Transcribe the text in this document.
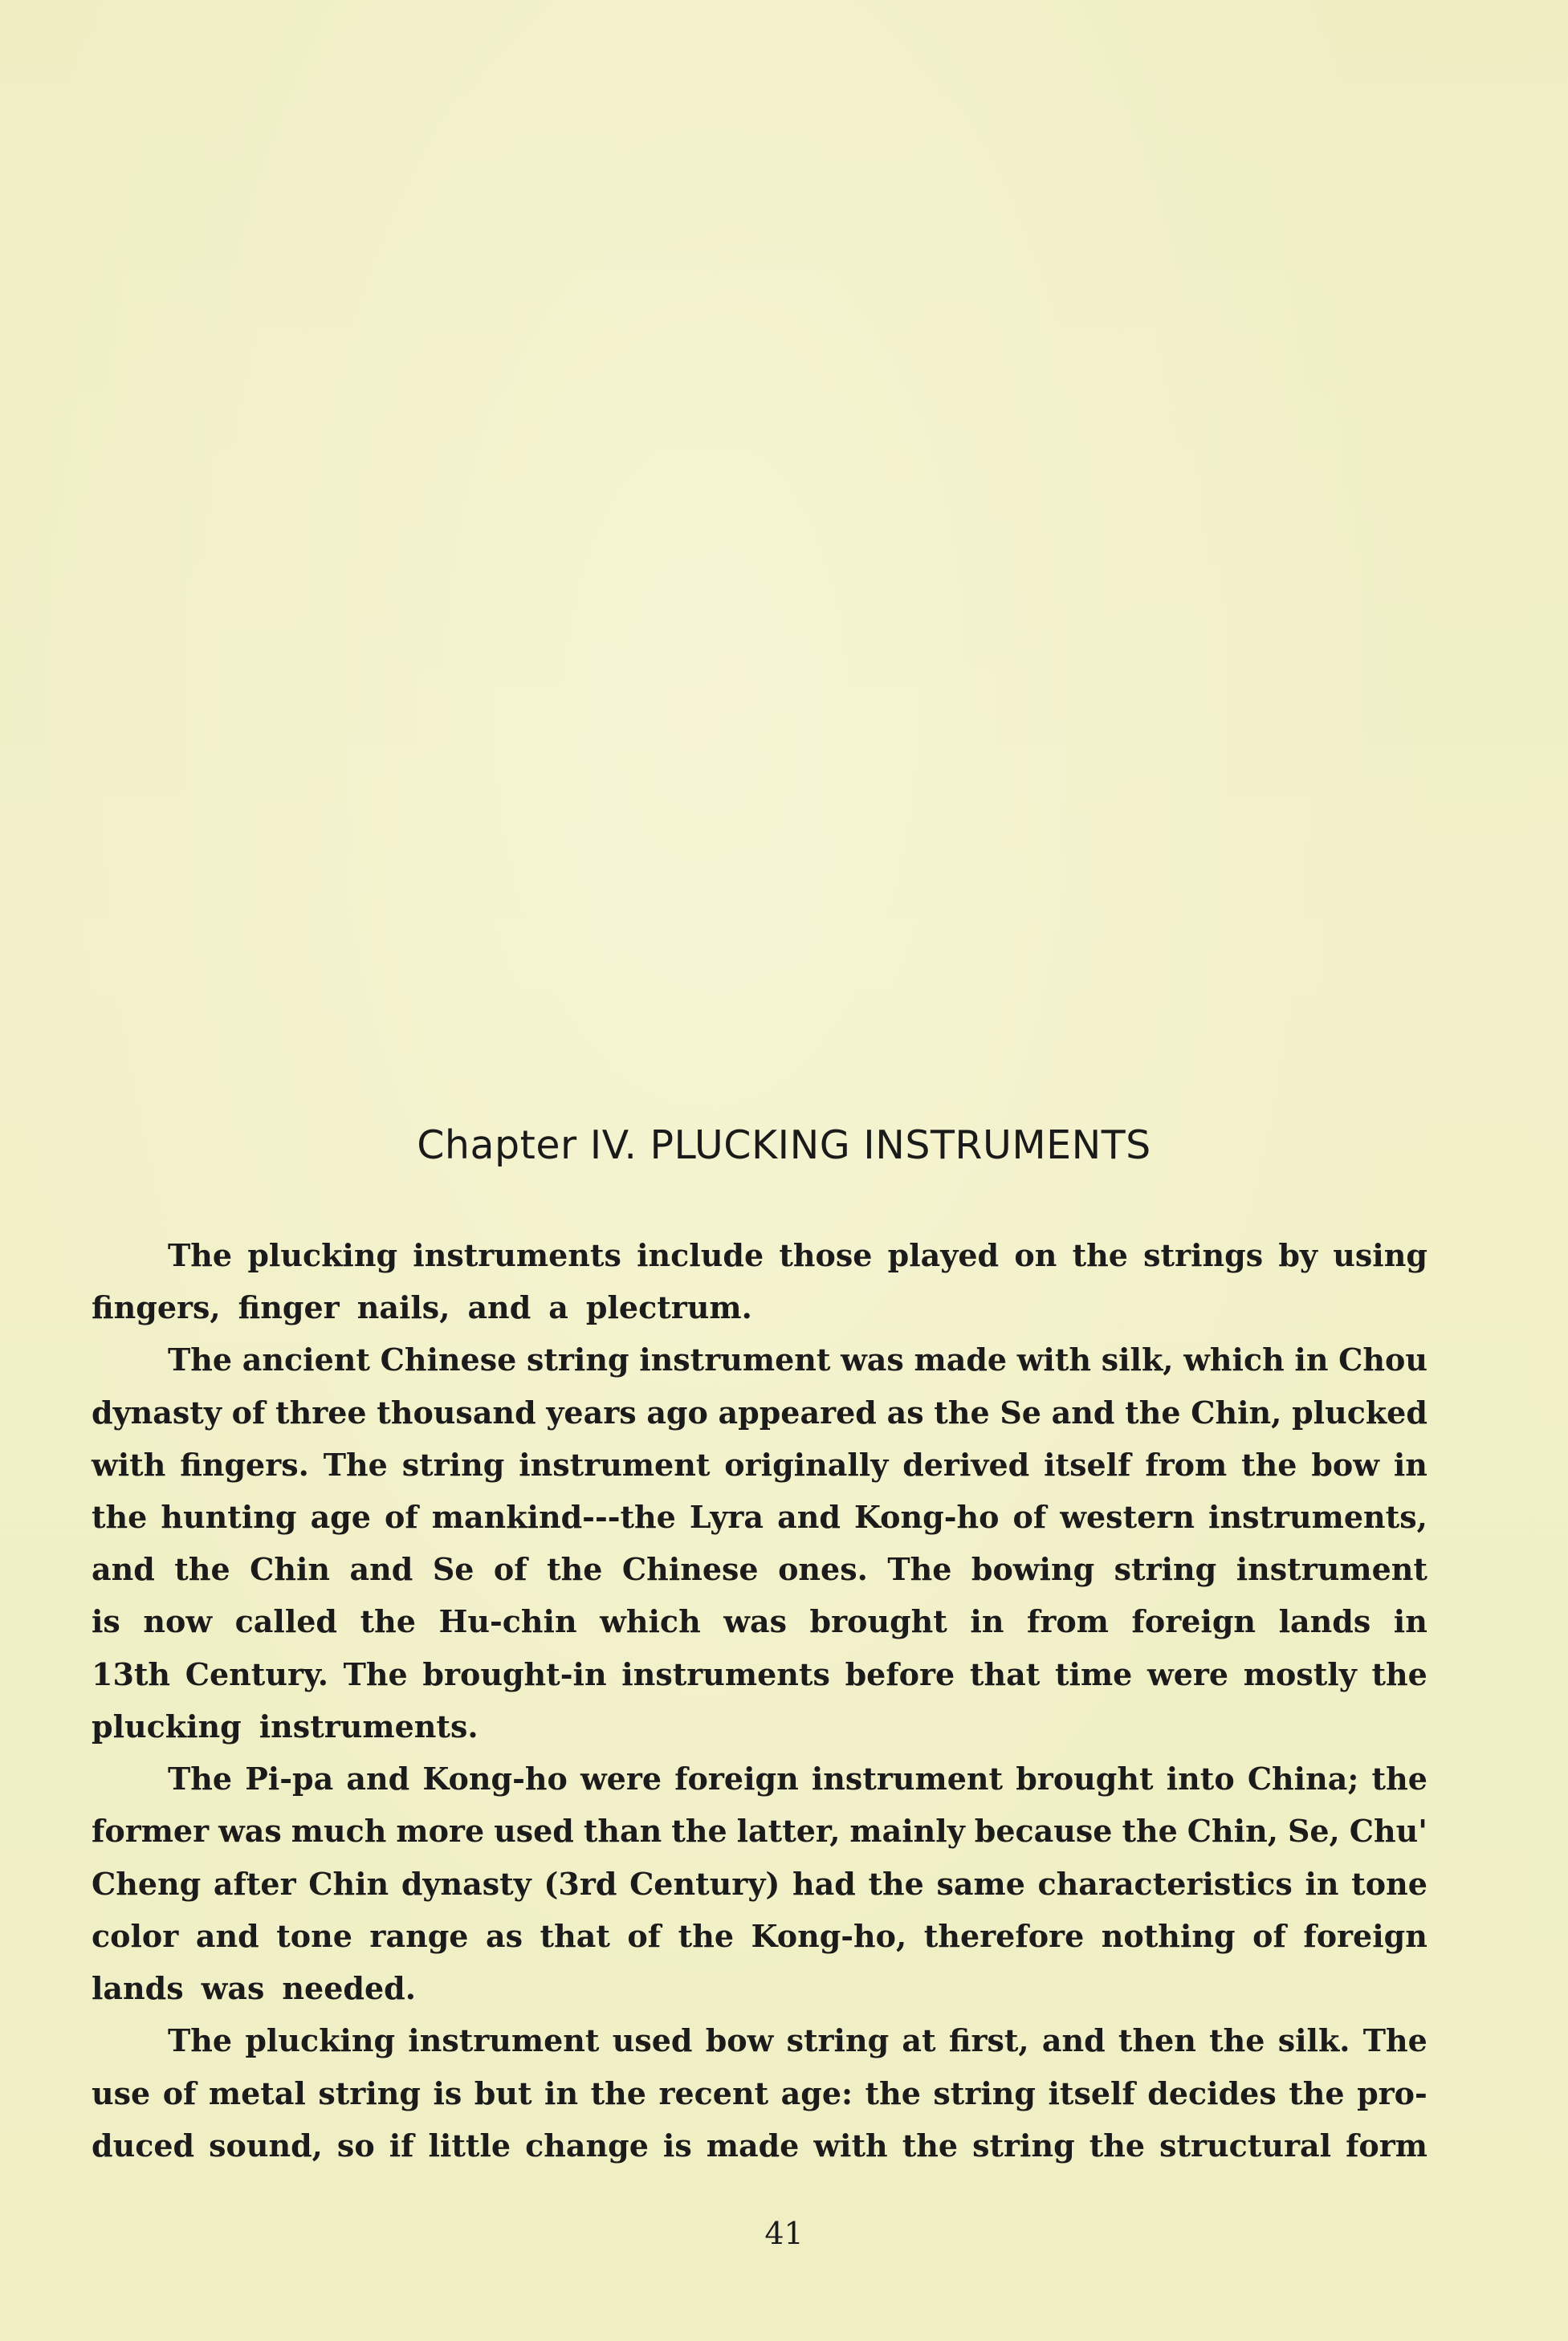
Chapter IV. PLUCKING INSTRUMENTS
The plucking instruments include those played on the strings by using
fingers, finger nails, and a plectrum.
The ancient Chinese string instrument was made with silk, which in Chou
dynasty of three thousand years ago appeared as the Se and the Chin, plucked
with fingers. The string instrument originally derived itself from the bow in
the hunting age of mankind---the Lyra and Kong-ho of western instruments,
and the Chin and Se of the Chinese ones. The bowing string instrument
is now called the Hu-chin which was brought in from foreign lands in
13th Century. The brought-in instruments before that time were mostly the
plucking instruments.
The Pi-pa and Kong-ho were foreign instrument brought into China; the
former was much more used than the latter, mainly because the Chin, Se, Chu'
Cheng after Chin dynasty (3rd Century) had the same characteristics in tone
color and tone range as that of the Kong-ho, therefore nothing of foreign
lands was needed.
The plucking instrument used bow string at first, and then the silk. The
use of metal string is but in the recent age: the string itself decides the pro-
duced sound, so if little change is made with the string the structural form
41
